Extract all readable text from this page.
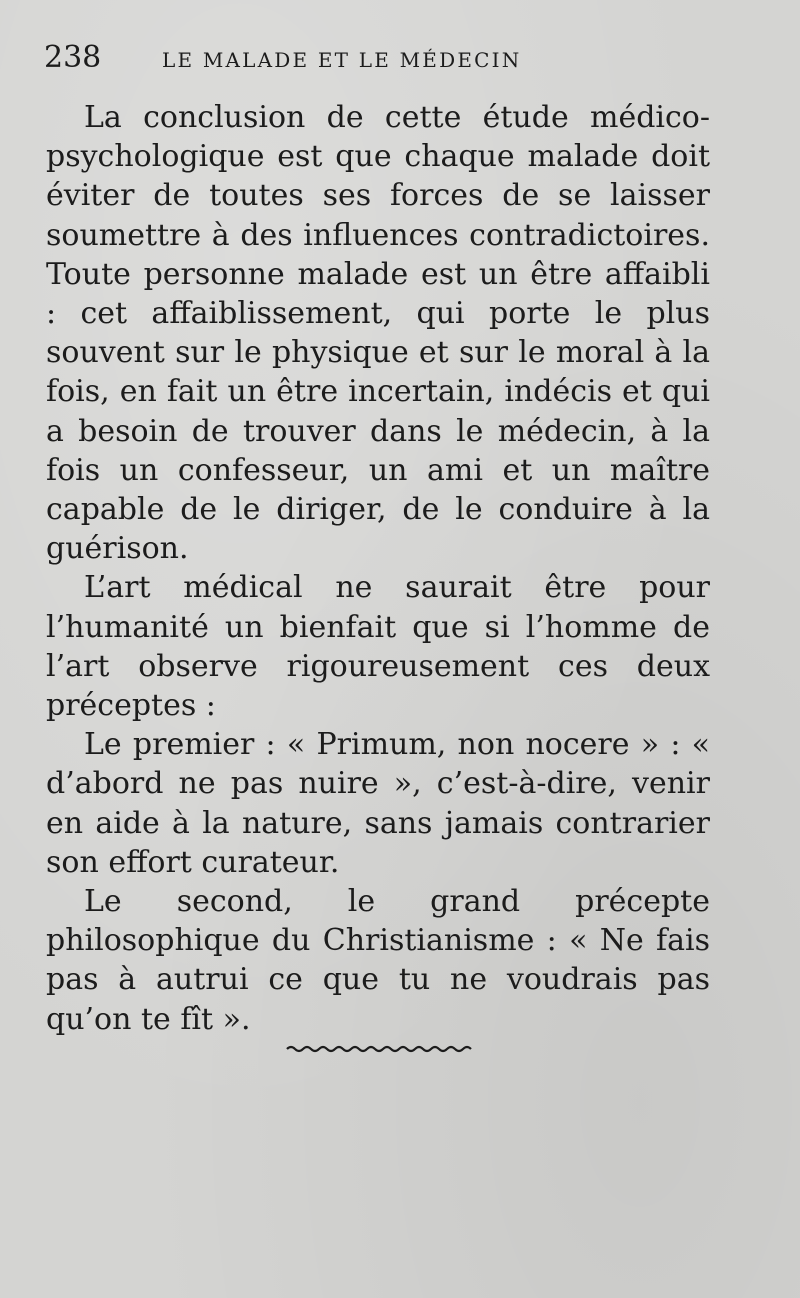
238	LE MALADE ET LE MÉDECIN

La conclusion de cette étude médico-psychologique est que chaque malade doit éviter de toutes ses forces de se laisser soumettre à des influences contradictoires. Toute personne malade est un être affaibli : cet affaiblissement, qui porte le plus souvent sur le physique et sur le moral à la fois, en fait un être incertain, indécis et qui a besoin de trouver dans le médecin, à la fois un confesseur, un ami et un maître capable de le diriger, de le conduire à la guérison.

L’art médical ne saurait être pour l’humanité un bienfait que si l’homme de l’art observe rigoureusement ces deux préceptes :

Le premier : « Primum, non nocere » : « d’abord ne pas nuire », c’est-à-dire, venir en aide à la nature, sans jamais contrarier son effort curateur.

Le second, le grand précepte philosophique du Christianisme : « Ne fais pas à autrui ce que tu ne voudrais pas qu’on te fît ».
